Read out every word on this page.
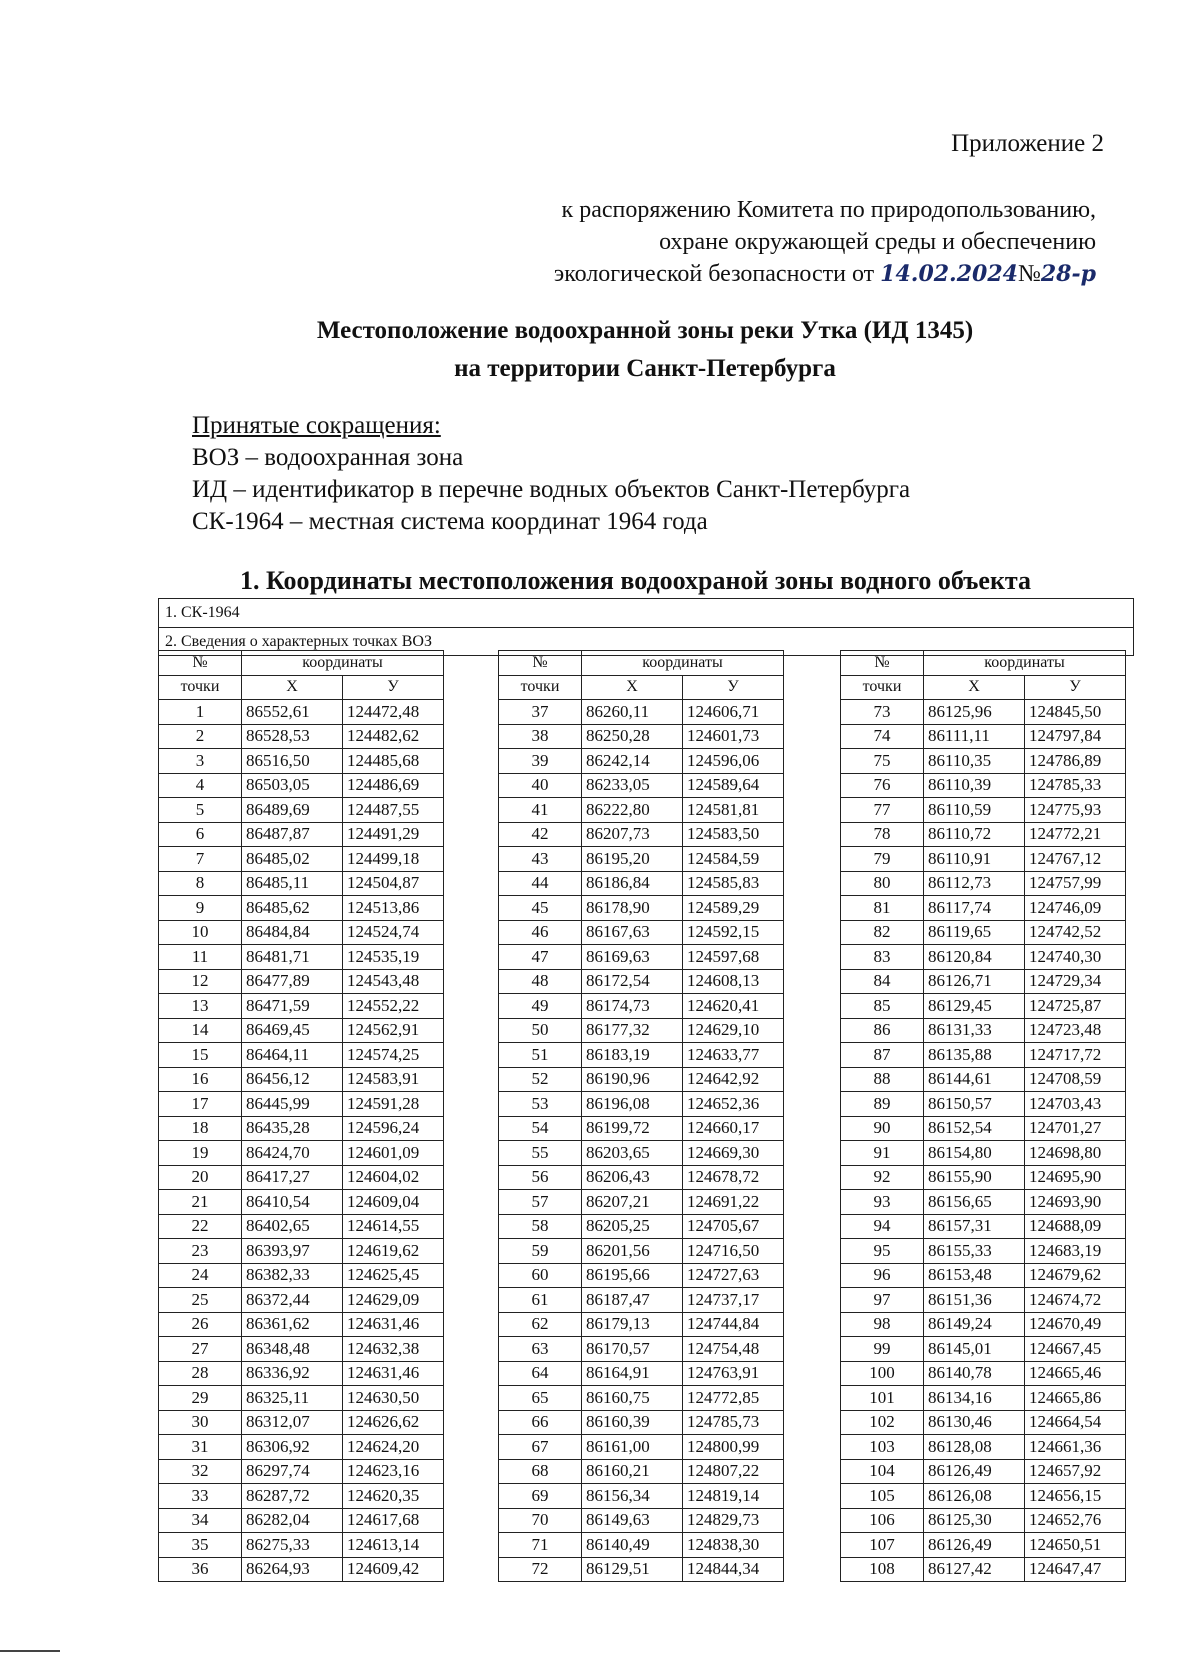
Приложение 2
к распоряжению Комитета по природопользованию,
охране окружающей среды и обеспечению
экологической безопасности от 14.02.2024№28-р
Местоположение водоохранной зоны реки Утка (ИД 1345)
на территории Санкт-Петербурга
Принятые сокращения:
ВОЗ – водоохранная зона
ИД – идентификатор в перечне водных объектов Санкт-Петербурга
СК-1964 – местная система координат 1964 года
1. Координаты местоположения водоохраной зоны водного объекта
1. СК-1964
2. Сведения о характерных точках ВОЗ
№	координаты		
точки	X	У	
1	86552,61	124472,48	
2	86528,53	124482,62	
3	86516,50	124485,68	
4	86503,05	124486,69	
5	86489,69	124487,55	
6	86487,87	124491,29	
7	86485,02	124499,18	
8	86485,11	124504,87	
9	86485,62	124513,86	
10	86484,84	124524,74	
11	86481,71	124535,19	
12	86477,89	124543,48	
13	86471,59	124552,22	
14	86469,45	124562,91	
15	86464,11	124574,25	
16	86456,12	124583,91	
17	86445,99	124591,28	
18	86435,28	124596,24	
19	86424,70	124601,09	
20	86417,27	124604,02	
21	86410,54	124609,04	
22	86402,65	124614,55	
23	86393,97	124619,62	
24	86382,33	124625,45	
25	86372,44	124629,09	
26	86361,62	124631,46	
27	86348,48	124632,38	
28	86336,92	124631,46	
29	86325,11	124630,50	
30	86312,07	124626,62	
31	86306,92	124624,20	
32	86297,74	124623,16	
33	86287,72	124620,35	
34	86282,04	124617,68	
35	86275,33	124613,14	
36	86264,93	124609,42	
№	координаты		
точки	X	У	
37	86260,11	124606,71	
38	86250,28	124601,73	
39	86242,14	124596,06	
40	86233,05	124589,64	
41	86222,80	124581,81	
42	86207,73	124583,50	
43	86195,20	124584,59	
44	86186,84	124585,83	
45	86178,90	124589,29	
46	86167,63	124592,15	
47	86169,63	124597,68	
48	86172,54	124608,13	
49	86174,73	124620,41	
50	86177,32	124629,10	
51	86183,19	124633,77	
52	86190,96	124642,92	
53	86196,08	124652,36	
54	86199,72	124660,17	
55	86203,65	124669,30	
56	86206,43	124678,72	
57	86207,21	124691,22	
58	86205,25	124705,67	
59	86201,56	124716,50	
60	86195,66	124727,63	
61	86187,47	124737,17	
62	86179,13	124744,84	
63	86170,57	124754,48	
64	86164,91	124763,91	
65	86160,75	124772,85	
66	86160,39	124785,73	
67	86161,00	124800,99	
68	86160,21	124807,22	
69	86156,34	124819,14	
70	86149,63	124829,73	
71	86140,49	124838,30	
72	86129,51	124844,34	
№	координаты		
точки	X	У	
73	86125,96	124845,50	
74	86111,11	124797,84	
75	86110,35	124786,89	
76	86110,39	124785,33	
77	86110,59	124775,93	
78	86110,72	124772,21	
79	86110,91	124767,12	
80	86112,73	124757,99	
81	86117,74	124746,09	
82	86119,65	124742,52	
83	86120,84	124740,30	
84	86126,71	124729,34	
85	86129,45	124725,87	
86	86131,33	124723,48	
87	86135,88	124717,72	
88	86144,61	124708,59	
89	86150,57	124703,43	
90	86152,54	124701,27	
91	86154,80	124698,80	
92	86155,90	124695,90	
93	86156,65	124693,90	
94	86157,31	124688,09	
95	86155,33	124683,19	
96	86153,48	124679,62	
97	86151,36	124674,72	
98	86149,24	124670,49	
99	86145,01	124667,45	
100	86140,78	124665,46	
101	86134,16	124665,86	
102	86130,46	124664,54	
103	86128,08	124661,36	
104	86126,49	124657,92	
105	86126,08	124656,15	
106	86125,30	124652,76	
107	86126,49	124650,51	
108	86127,42	124647,47	
